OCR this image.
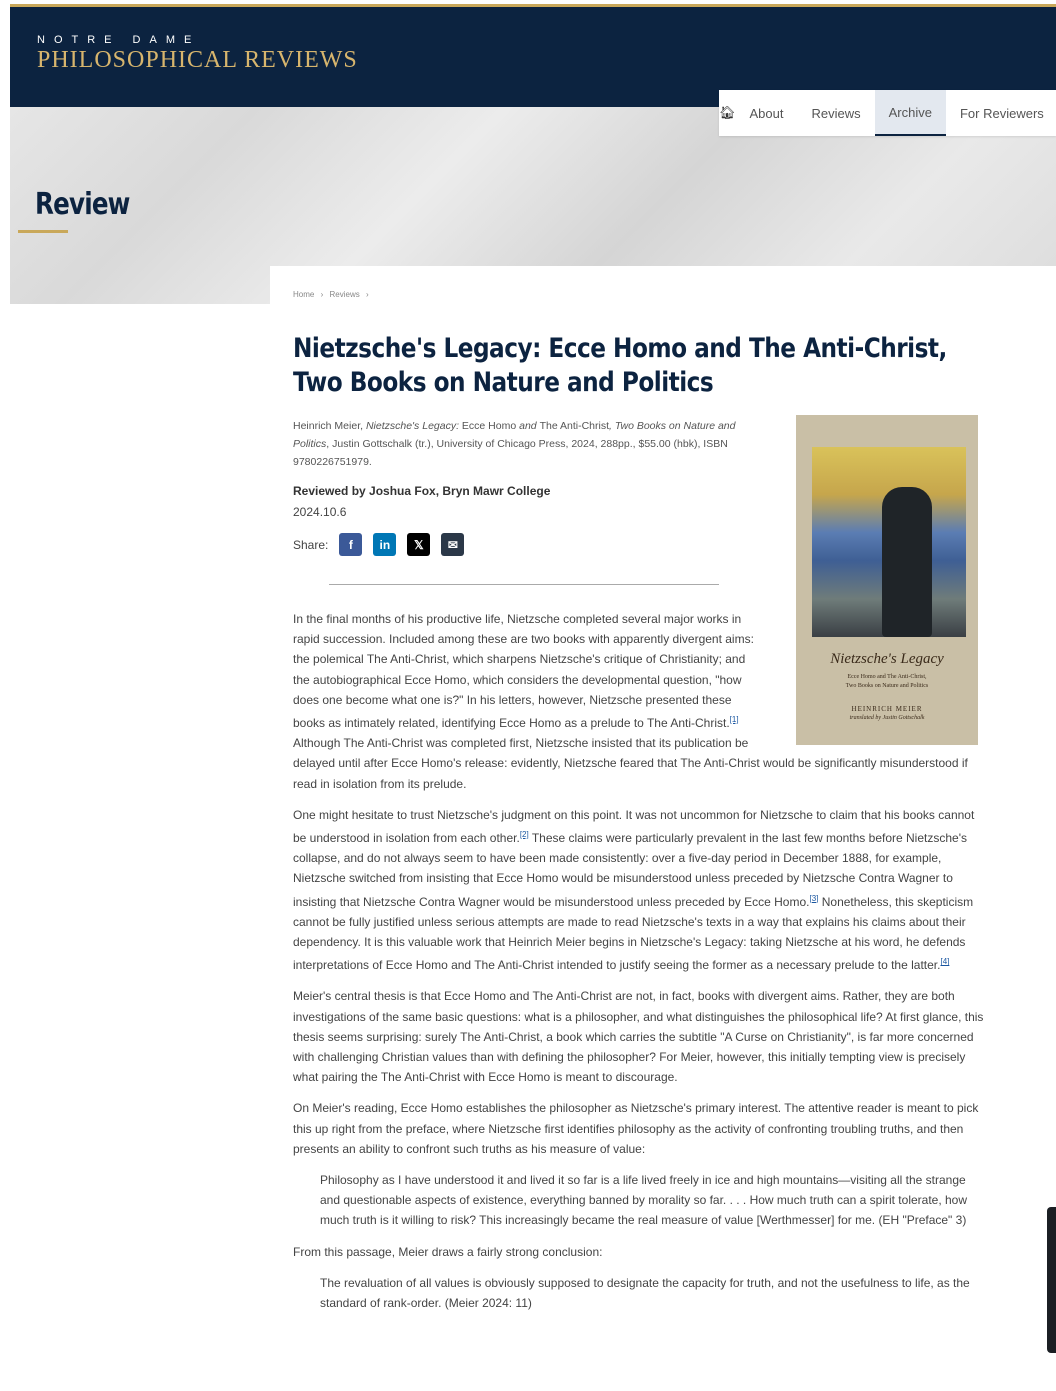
NOTRE DAME
PHILOSOPHICAL REVIEWS
Review
🏠︎	About	Reviews	Archive	For Reviewers
Home › Reviews ›
Nietzsche's Legacy: Ecce Homo and The Anti-Christ, Two Books on Nature and Politics
Heinrich Meier, Nietzsche's Legacy: Ecce Homo and The Anti-Christ, Two Books on Nature and Politics, Justin Gottschalk (tr.), University of Chicago Press, 2024, 288pp., $55.00 (hbk), ISBN 9780226751979.
Reviewed by Joshua Fox, Bryn Mawr College
2024.10.6
Share: f in 𝕏 ✉︎
Nietzsche's Legacy
Ecce Homo and The Anti-Christ,
Two Books on Nature and Politics
HEINRICH MEIER
translated by Justin Gottschalk

In the final months of his productive life, Nietzsche completed several major works in rapid succession. Included among these are two books with apparently divergent aims: the polemical The Anti-Christ, which sharpens Nietzsche's critique of Christianity; and the autobiographical Ecce Homo, which considers the developmental question, "how does one become what one is?" In his letters, however, Nietzsche presented these books as intimately related, identifying Ecce Homo as a prelude to The Anti-Christ.[1] Although The Anti-Christ was completed first, Nietzsche insisted that its publication be delayed until after Ecce Homo's release: evidently, Nietzsche feared that The Anti-Christ would be significantly misunderstood if read in isolation from its prelude.

One might hesitate to trust Nietzsche's judgment on this point. It was not uncommon for Nietzsche to claim that his books cannot be understood in isolation from each other.[2] These claims were particularly prevalent in the last few months before Nietzsche's collapse, and do not always seem to have been made consistently: over a five-day period in December 1888, for example, Nietzsche switched from insisting that Ecce Homo would be misunderstood unless preceded by Nietzsche Contra Wagner to insisting that Nietzsche Contra Wagner would be misunderstood unless preceded by Ecce Homo.[3] Nonetheless, this skepticism cannot be fully justified unless serious attempts are made to read Nietzsche's texts in a way that explains his claims about their dependency. It is this valuable work that Heinrich Meier begins in Nietzsche's Legacy: taking Nietzsche at his word, he defends interpretations of Ecce Homo and The Anti-Christ intended to justify seeing the former as a necessary prelude to the latter.[4]

Meier's central thesis is that Ecce Homo and The Anti-Christ are not, in fact, books with divergent aims. Rather, they are both investigations of the same basic questions: what is a philosopher, and what distinguishes the philosophical life? At first glance, this thesis seems surprising: surely The Anti-Christ, a book which carries the subtitle "A Curse on Christianity", is far more concerned with challenging Christian values than with defining the philosopher? For Meier, however, this initially tempting view is precisely what pairing the The Anti-Christ with Ecce Homo is meant to discourage.

On Meier's reading, Ecce Homo establishes the philosopher as Nietzsche's primary interest. The attentive reader is meant to pick this up right from the preface, where Nietzsche first identifies philosophy as the activity of confronting troubling truths, and then presents an ability to confront such truths as his measure of value:

Philosophy as I have understood it and lived it so far is a life lived freely in ice and high mountains—visiting all the strange and questionable aspects of existence, everything banned by morality so far. . . . How much truth can a spirit tolerate, how much truth is it willing to risk? This increasingly became the real measure of value [Werthmesser] for me. (EH "Preface" 3)

From this passage, Meier draws a fairly strong conclusion:

The revaluation of all values is obviously supposed to designate the capacity for truth, and not the usefulness to life, as the standard of rank-order. (Meier 2024: 11)
